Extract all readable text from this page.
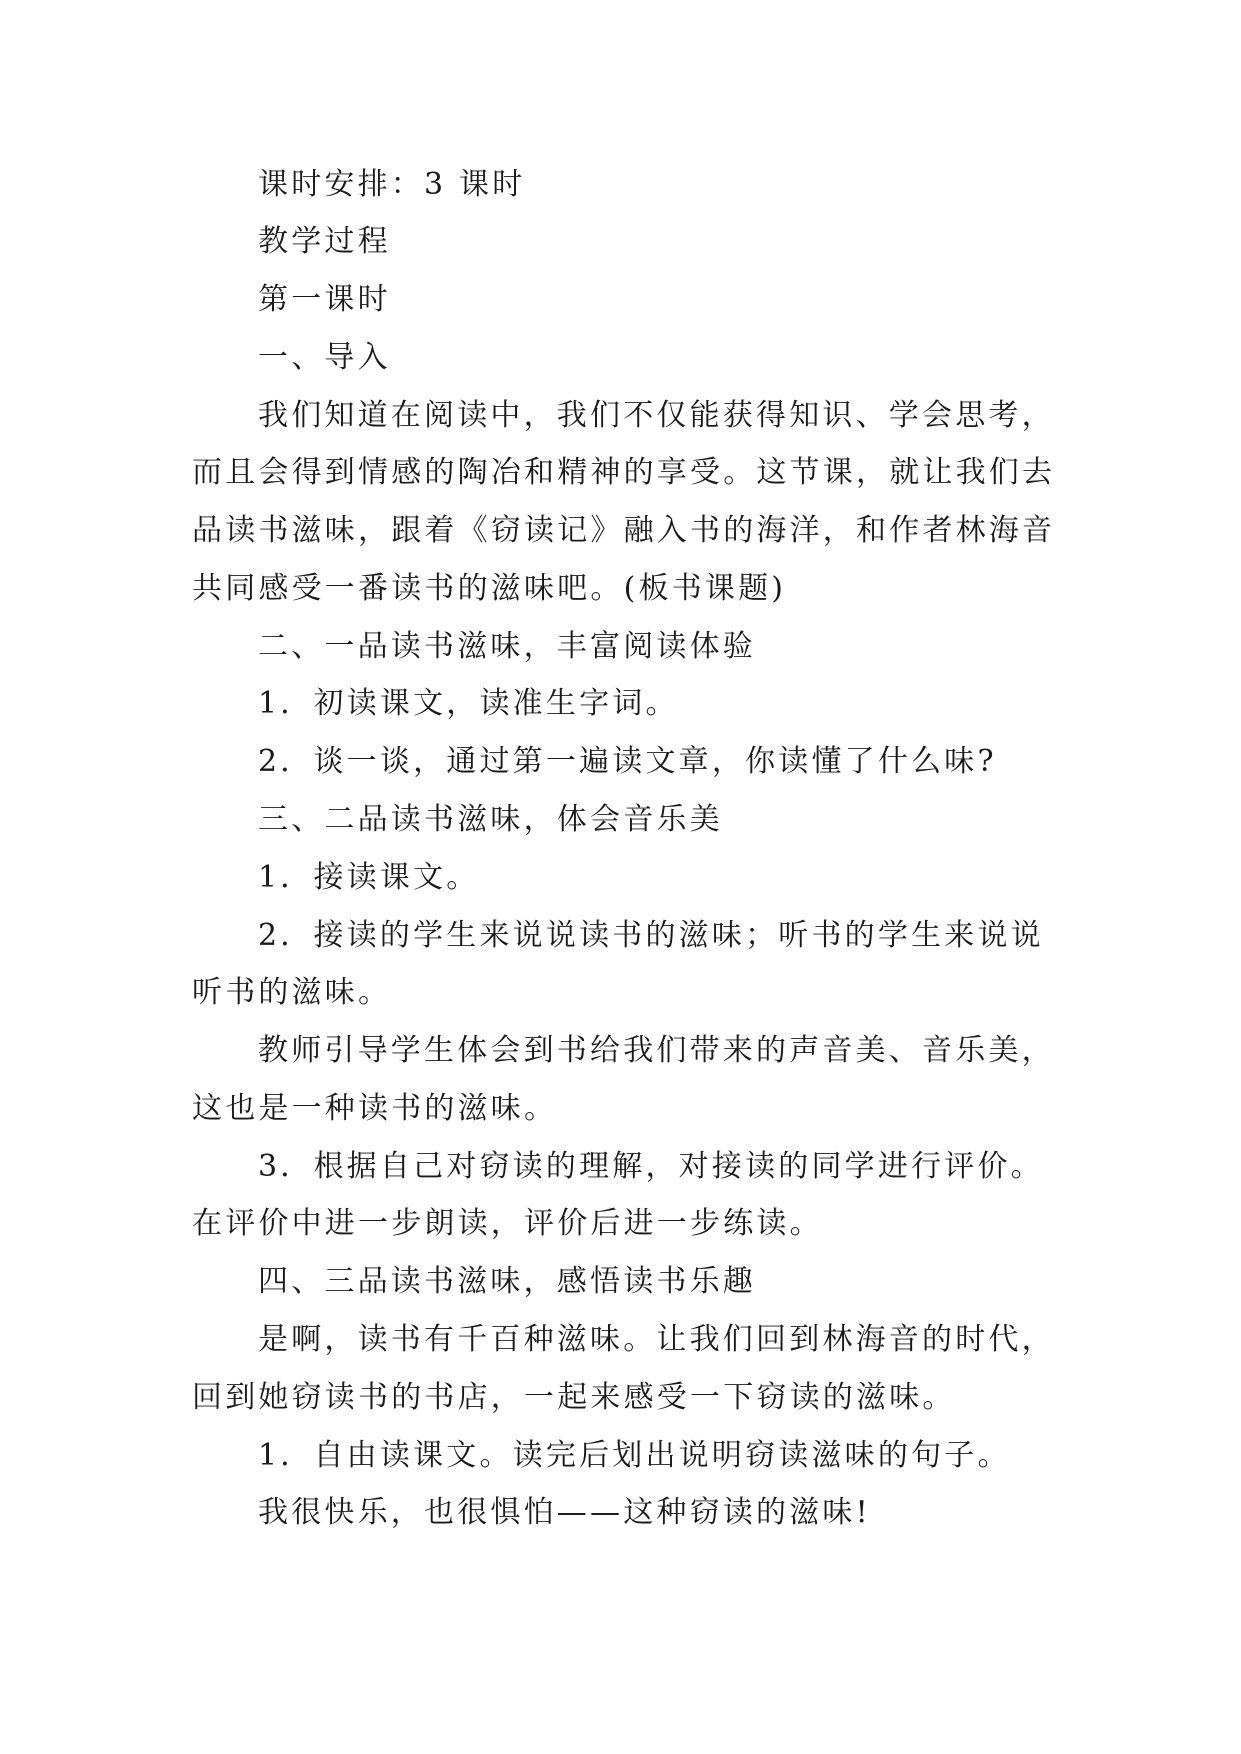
课时安排：3 课时
教学过程
第一课时
一、导入
我们知道在阅读中，我们不仅能获得知识、学会思考，
而且会得到情感的陶冶和精神的享受。这节课，就让我们去
品读书滋味，跟着《窃读记》融入书的海洋，和作者林海音
共同感受一番读书的滋味吧。(板书课题)
二、一品读书滋味，丰富阅读体验
1．初读课文，读准生字词。
2．谈一谈，通过第一遍读文章，你读懂了什么味?
三、二品读书滋味，体会音乐美
1．接读课文。
2．接读的学生来说说读书的滋味；听书的学生来说说
听书的滋味。
教师引导学生体会到书给我们带来的声音美、音乐美，
这也是一种读书的滋味。
3．根据自己对窃读的理解，对接读的同学进行评价。
在评价中进一步朗读，评价后进一步练读。
四、三品读书滋味，感悟读书乐趣
是啊，读书有千百种滋味。让我们回到林海音的时代，
回到她窃读书的书店，一起来感受一下窃读的滋味。
1．自由读课文。读完后划出说明窃读滋味的句子。
我很快乐，也很惧怕——这种窃读的滋味!
